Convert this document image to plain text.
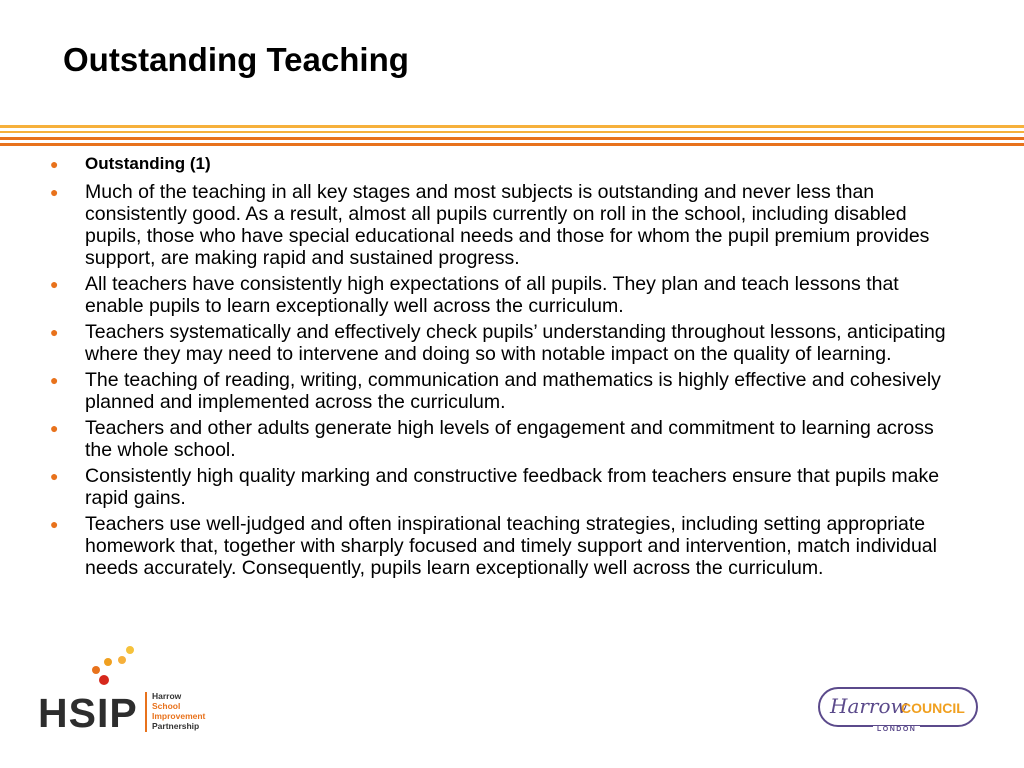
Outstanding Teaching
● Outstanding (1)
● Much of the teaching in all key stages and most subjects is outstanding and never less than consistently good. As a result, almost all pupils currently on roll in the school, including disabled pupils, those who have special educational needs and those for whom the pupil premium provides support, are making rapid and sustained progress.
● All teachers have consistently high expectations of all pupils. They plan and teach lessons that enable pupils to learn exceptionally well across the curriculum.
● Teachers systematically and effectively check pupils’ understanding throughout lessons, anticipating where they may need to intervene and doing so with notable impact on the quality of learning.
● The teaching of reading, writing, communication and mathematics is highly effective and cohesively planned and implemented across the curriculum.
● Teachers and other adults generate high levels of engagement and commitment to learning across the whole school.
● Consistently high quality marking and constructive feedback from teachers ensure that pupils make rapid gains.
● Teachers use well-judged and often inspirational teaching strategies, including setting appropriate homework that, together with sharply focused and timely support and intervention, match individual needs accurately. Consequently, pupils learn exceptionally well across the curriculum.
HSIP Harrow
School
Improvement
Partnership
Harrow
COUNCIL
LONDON
